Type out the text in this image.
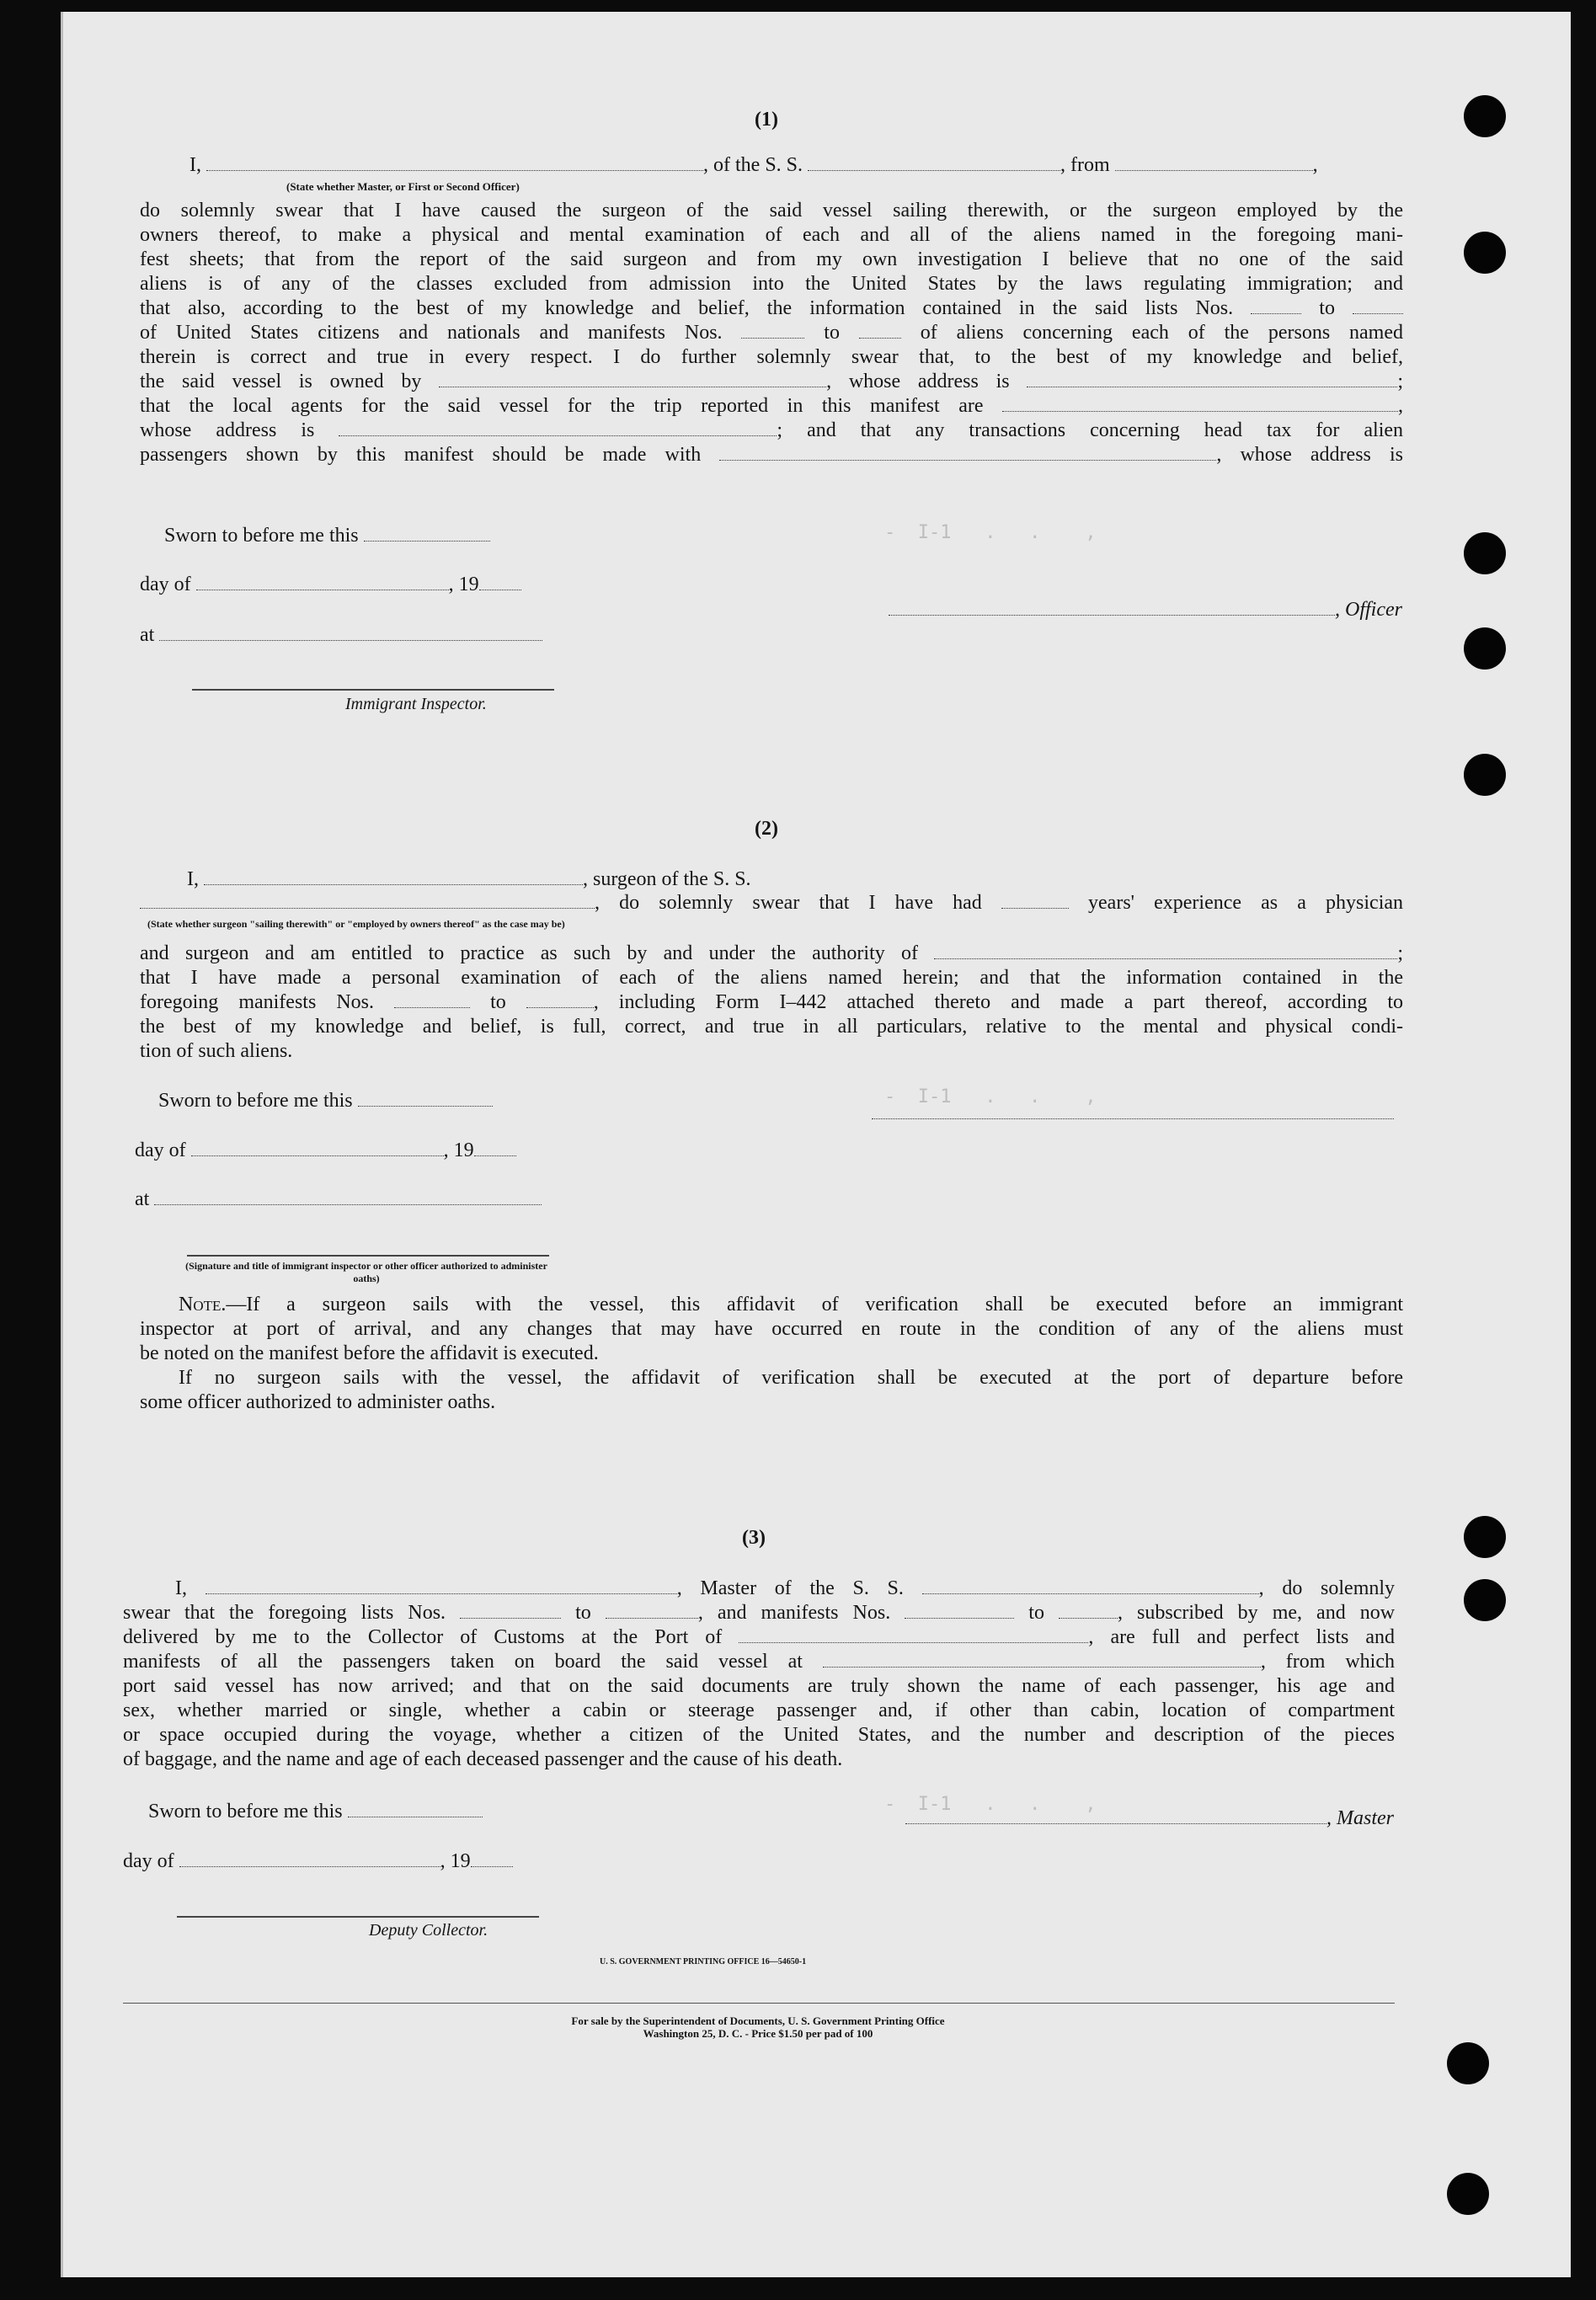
-  I-1   .   .    ,
-  I-1   .   .    ,
-  I-1   .   .    ,
(1)
I,	, of the S. S.	, from	,
(State whether Master, or First or Second Officer)
do solemnly swear that I have caused the surgeon of the said vessel sailing therewith, or the surgeon employed by the
owners thereof, to make a physical and mental examination of each and all of the aliens named in the foregoing mani-
fest sheets; that from the report of the said surgeon and from my own investigation I believe that no one of the said
aliens is of any of the classes excluded from admission into the United States by the laws regulating immigration; and
that also, according to the best of my knowledge and belief, the information contained in the said lists Nos.	to
of United States citizens and nationals and manifests Nos.	to	of aliens concerning each of the persons named
therein is correct and true in every respect. I do further solemnly swear that, to the best of my knowledge and belief,
the said vessel is owned by	, whose address is	;
that the local agents for the said vessel for the trip reported in this manifest are	,
whose address is	; and that any transactions concerning head tax for alien
passengers shown by this manifest should be made with	, whose address is
Sworn to before me this
day of	, 19
at
, Officer
Immigrant Inspector.
(2)
I,	, surgeon of the S. S.
, do solemnly swear that I have had	years' experience as a physician
(State whether surgeon "sailing therewith" or "employed by owners thereof" as the case may be)
and surgeon and am entitled to practice as such by and under the authority of	;
that I have made a personal examination of each of the aliens named herein; and that the information contained in the
foregoing manifests Nos.	to	, including Form I–442 attached thereto and made a part thereof, according to
the best of my knowledge and belief, is full, correct, and true in all particulars, relative to the mental and physical condi-
tion of such aliens.
Sworn to before me this
day of	, 19
at
(Signature and title of immigrant inspector or other officer authorized to administer oaths)
Note.—If a surgeon sails with the vessel, this affidavit of verification shall be executed before an immigrant
inspector at port of arrival, and any changes that may have occurred en route in the condition of any of the aliens must
be noted on the manifest before the affidavit is executed.
If no surgeon sails with the vessel, the affidavit of verification shall be executed at the port of departure before
some officer authorized to administer oaths.
(3)
I,	, Master of the S. S.	, do solemnly
swear that the foregoing lists Nos.	to	, and manifests Nos.	to	, subscribed by me, and now
delivered by me to the Collector of Customs at the Port of	, are full and perfect lists and
manifests of all the passengers taken on board the said vessel at	, from which
port said vessel has now arrived; and that on the said documents are truly shown the name of each passenger, his age and
sex, whether married or single, whether a cabin or steerage passenger and, if other than cabin, location of compartment
or space occupied during the voyage, whether a citizen of the United States, and the number and description of the pieces
of baggage, and the name and age of each deceased passenger and the cause of his death.
Sworn to before me this	, Master
day of	, 19
Deputy Collector.
U. S. GOVERNMENT PRINTING OFFICE 16—54650-1
For sale by the Superintendent of Documents, U. S. Government Printing Office
Washington 25, D. C. - Price $1.50 per pad of 100
